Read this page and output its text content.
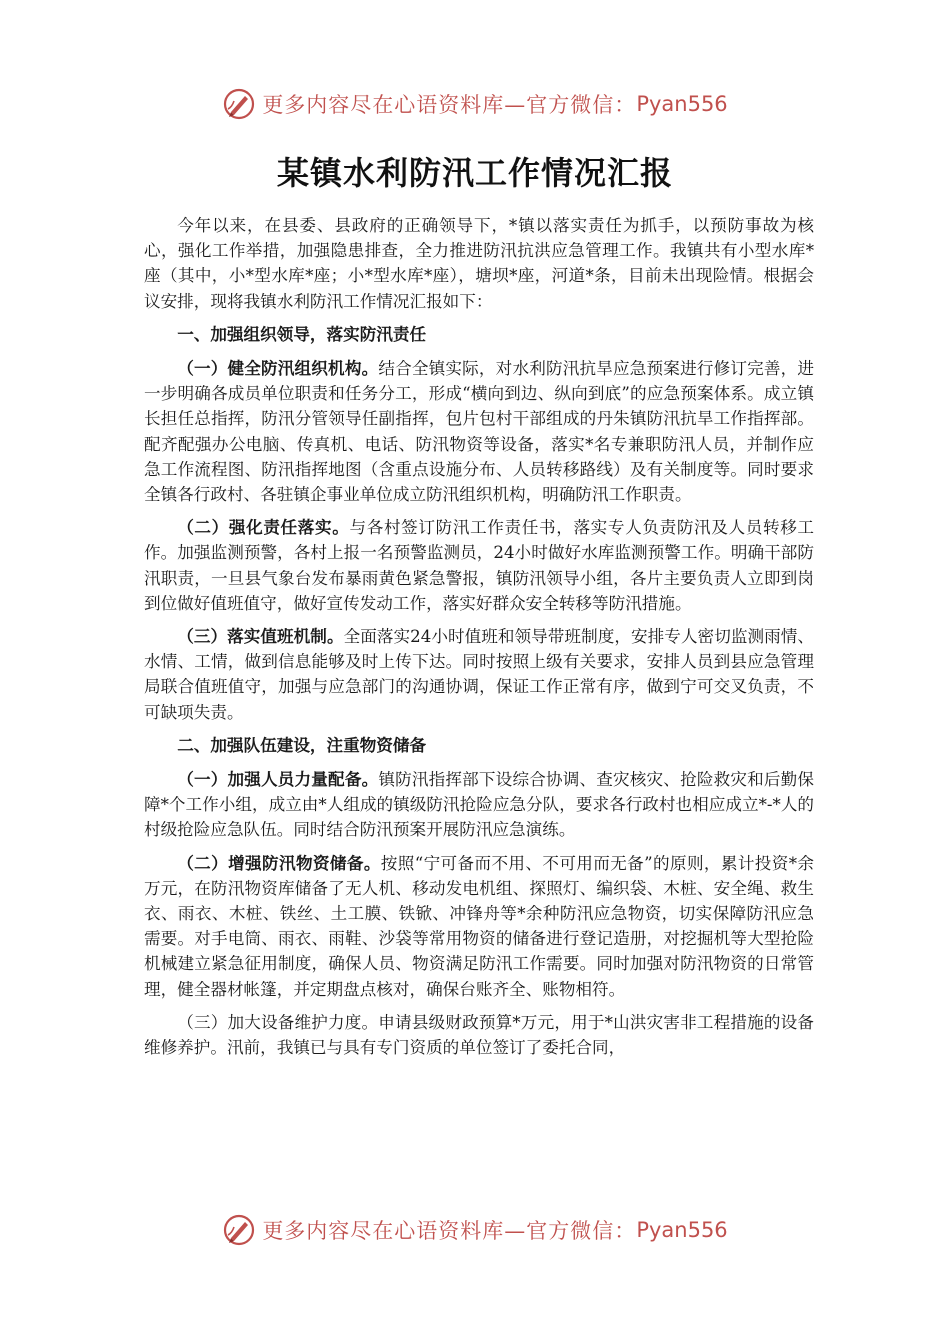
更多内容尽在心语资料库—官方微信： Pyan556
某镇水利防汛工作情况汇报

今年以来，在县委、县政府的正确领导下，*镇以落实责任为抓手，以预防事故为核心，强化工作举措，加强隐患排查，全力推进防汛抗洪应急管理工作。我镇共有小型水库*座（其中，小*型水库*座；小*型水库*座），塘坝*座，河道*条，目前未出现险情。根据会议安排，现将我镇水利防汛工作情况汇报如下：

一、加强组织领导，落实防汛责任

（一）健全防汛组织机构。结合全镇实际，对水利防汛抗旱应急预案进行修订完善，进一步明确各成员单位职责和任务分工，形成“横向到边、纵向到底”的应急预案体系。成立镇长担任总指挥，防汛分管领导任副指挥，包片包村干部组成的丹朱镇防汛抗旱工作指挥部。配齐配强办公电脑、传真机、电话、防汛物资等设备，落实*名专兼职防汛人员，并制作应急工作流程图、防汛指挥地图（含重点设施分布、人员转移路线）及有关制度等。同时要求全镇各行政村、各驻镇企事业单位成立防汛组织机构，明确防汛工作职责。

（二）强化责任落实。与各村签订防汛工作责任书，落实专人负责防汛及人员转移工作。加强监测预警，各村上报一名预警监测员，24小时做好水库监测预警工作。明确干部防汛职责，一旦县气象台发布暴雨黄色紧急警报，镇防汛领导小组，各片主要负责人立即到岗到位做好值班值守，做好宣传发动工作，落实好群众安全转移等防汛措施。

（三）落实值班机制。全面落实24小时值班和领导带班制度，安排专人密切监测雨情、水情、工情，做到信息能够及时上传下达。同时按照上级有关要求，安排人员到县应急管理局联合值班值守，加强与应急部门的沟通协调，保证工作正常有序，做到宁可交叉负责，不可缺项失责。

二、加强队伍建设，注重物资储备

（一）加强人员力量配备。镇防汛指挥部下设综合协调、查灾核灾、抢险救灾和后勤保障*个工作小组，成立由*人组成的镇级防汛抢险应急分队，要求各行政村也相应成立*-*人的村级抢险应急队伍。同时结合防汛预案开展防汛应急演练。

（二）增强防汛物资储备。按照“宁可备而不用、不可用而无备”的原则，累计投资*余万元，在防汛物资库储备了无人机、移动发电机组、探照灯、编织袋、木桩、安全绳、救生衣、雨衣、木桩、铁丝、土工膜、铁锨、冲锋舟等*余种防汛应急物资，切实保障防汛应急需要。对手电筒、雨衣、雨鞋、沙袋等常用物资的储备进行登记造册，对挖掘机等大型抢险机械建立紧急征用制度，确保人员、物资满足防汛工作需要。同时加强对防汛物资的日常管理，健全器材帐篷，并定期盘点核对，确保台账齐全、账物相符。

（三）加大设备维护力度。申请县级财政预算*万元，用于*山洪灾害非工程措施的设备维修养护。汛前，我镇已与具有专门资质的单位签订了委托合同，

更多内容尽在心语资料库—官方微信： Pyan556
